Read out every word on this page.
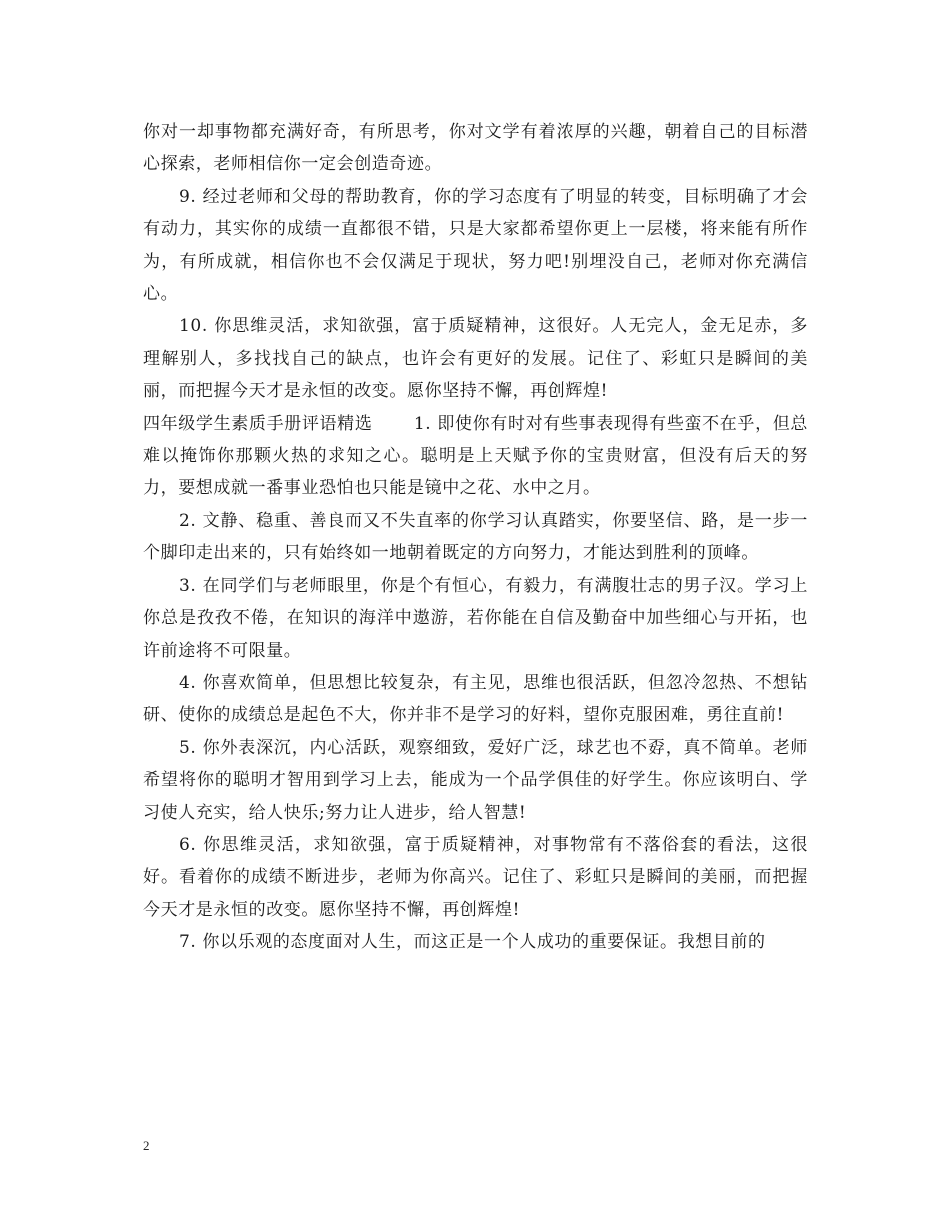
你对一却事物都充满好奇，有所思考，你对文学有着浓厚的兴趣，朝着自己的目标潜心探索，老师相信你一定会创造奇迹。

9. 经过老师和父母的帮助教育，你的学习态度有了明显的转变，目标明确了才会有动力，其实你的成绩一直都很不错，只是大家都希望你更上一层楼，将来能有所作为，有所成就，相信你也不会仅满足于现状，努力吧!别埋没自己，老师对你充满信心。

10. 你思维灵活，求知欲强，富于质疑精神，这很好。人无完人，金无足赤，多理解别人，多找找自己的缺点，也许会有更好的发展。记住了、彩虹只是瞬间的美丽，而把握今天才是永恒的改变。愿你坚持不懈，再创辉煌!

四年级学生素质手册评语精选　　 1. 即使你有时对有些事表现得有些蛮不在乎，但总难以掩饰你那颗火热的求知之心。聪明是上天赋予你的宝贵财富，但没有后天的努力，要想成就一番事业恐怕也只能是镜中之花、水中之月。

2. 文静、稳重、善良而又不失直率的你学习认真踏实，你要坚信、路，是一步一个脚印走出来的，只有始终如一地朝着既定的方向努力，才能达到胜利的顶峰。

3. 在同学们与老师眼里，你是个有恒心，有毅力，有满腹壮志的男子汉。学习上你总是孜孜不倦，在知识的海洋中遨游，若你能在自信及勤奋中加些细心与开拓，也许前途将不可限量。

4. 你喜欢简单，但思想比较复杂，有主见，思维也很活跃，但忽冷忽热、不想钻研、使你的成绩总是起色不大，你并非不是学习的好料，望你克服困难，勇往直前!

5. 你外表深沉，内心活跃，观察细致，爱好广泛，球艺也不孬，真不简单。老师希望将你的聪明才智用到学习上去，能成为一个品学俱佳的好学生。你应该明白、学习使人充实，给人快乐;努力让人进步，给人智慧!

6. 你思维灵活，求知欲强，富于质疑精神，对事物常有不落俗套的看法，这很好。看着你的成绩不断进步，老师为你高兴。记住了、彩虹只是瞬间的美丽，而把握今天才是永恒的改变。愿你坚持不懈，再创辉煌!

7. 你以乐观的态度面对人生，而这正是一个人成功的重要保证。我想目前的

2
